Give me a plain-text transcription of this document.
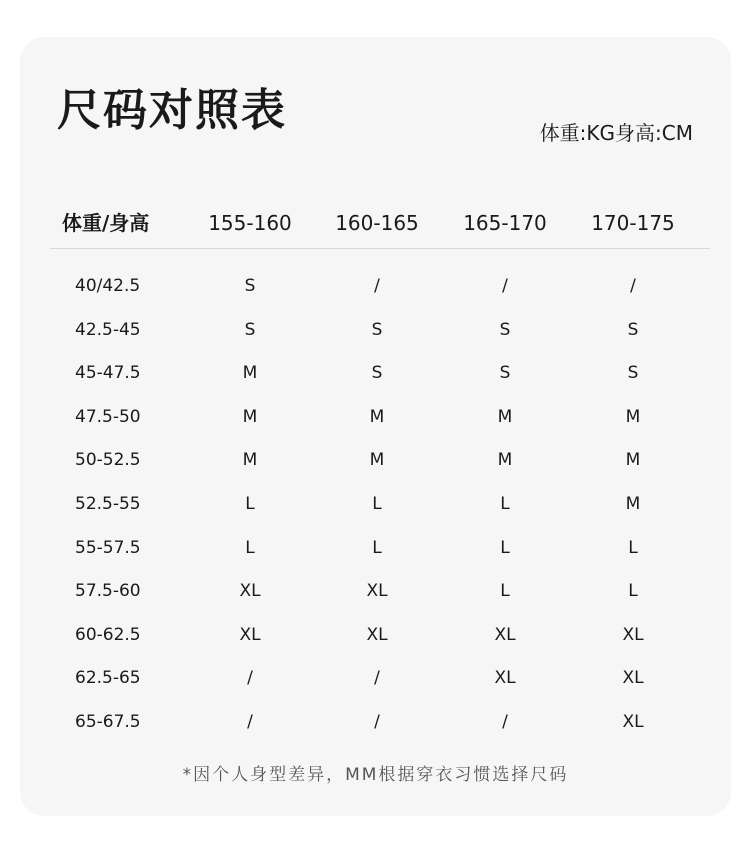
尺码对照表	体重:KG身高:CM
体重/身高	155-160	160-165	165-170	170-175
40/42.5	S	/	/	/
42.5-45	S	S	S	S
45-47.5	M	S	S	S
47.5-50	M	M	M	M
50-52.5	M	M	M	M
52.5-55	L	L	L	M
55-57.5	L	L	L	L
57.5-60	XL	XL	L	L
60-62.5	XL	XL	XL	XL
62.5-65	/	/	XL	XL
65-67.5	/	/	/	XL
*因个人身型差异，MM根据穿衣习惯选择尺码
